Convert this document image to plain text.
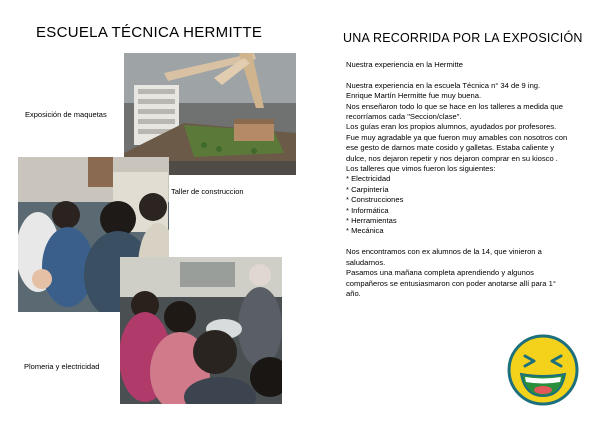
ESCUELA TÉCNICA HERMITTE	UNA RECORRIDA POR LA EXPOSICIÓN
Exposición de maquetas
Taller de construccion
Plomeria y electricidad

Nuestra experiencia en la Hermitte

Nuestra experiencia en la escuela Técnica n° 34 de 9 ing. Enrique Martín Hermitte fue muy buena.

Nos enseñaron todo lo que se hace en los talleres a medida que recorríamos cada "Seccion/clase".

Los guías eran los propios alumnos, ayudados por profesores.

Fue muy agradable ya que fueron muy amables con nosotros con ese gesto de darnos mate cosido y galletas. Estaba caliente y dulce, nos dejaron repetir y nos dejaron comprar en su kiosco .

Los talleres que vimos fueron los siguientes:

* Electricidad

* Carpintería

* Construcciones

* Informática

* Herramientas

* Mecánica

Nos encontramos con ex alumnos de la 14, que vinieron a saludarnos.

Pasamos una mañana completa aprendiendo y algunos compañeros se entusiasmaron con poder anotarse allí para 1° año.
